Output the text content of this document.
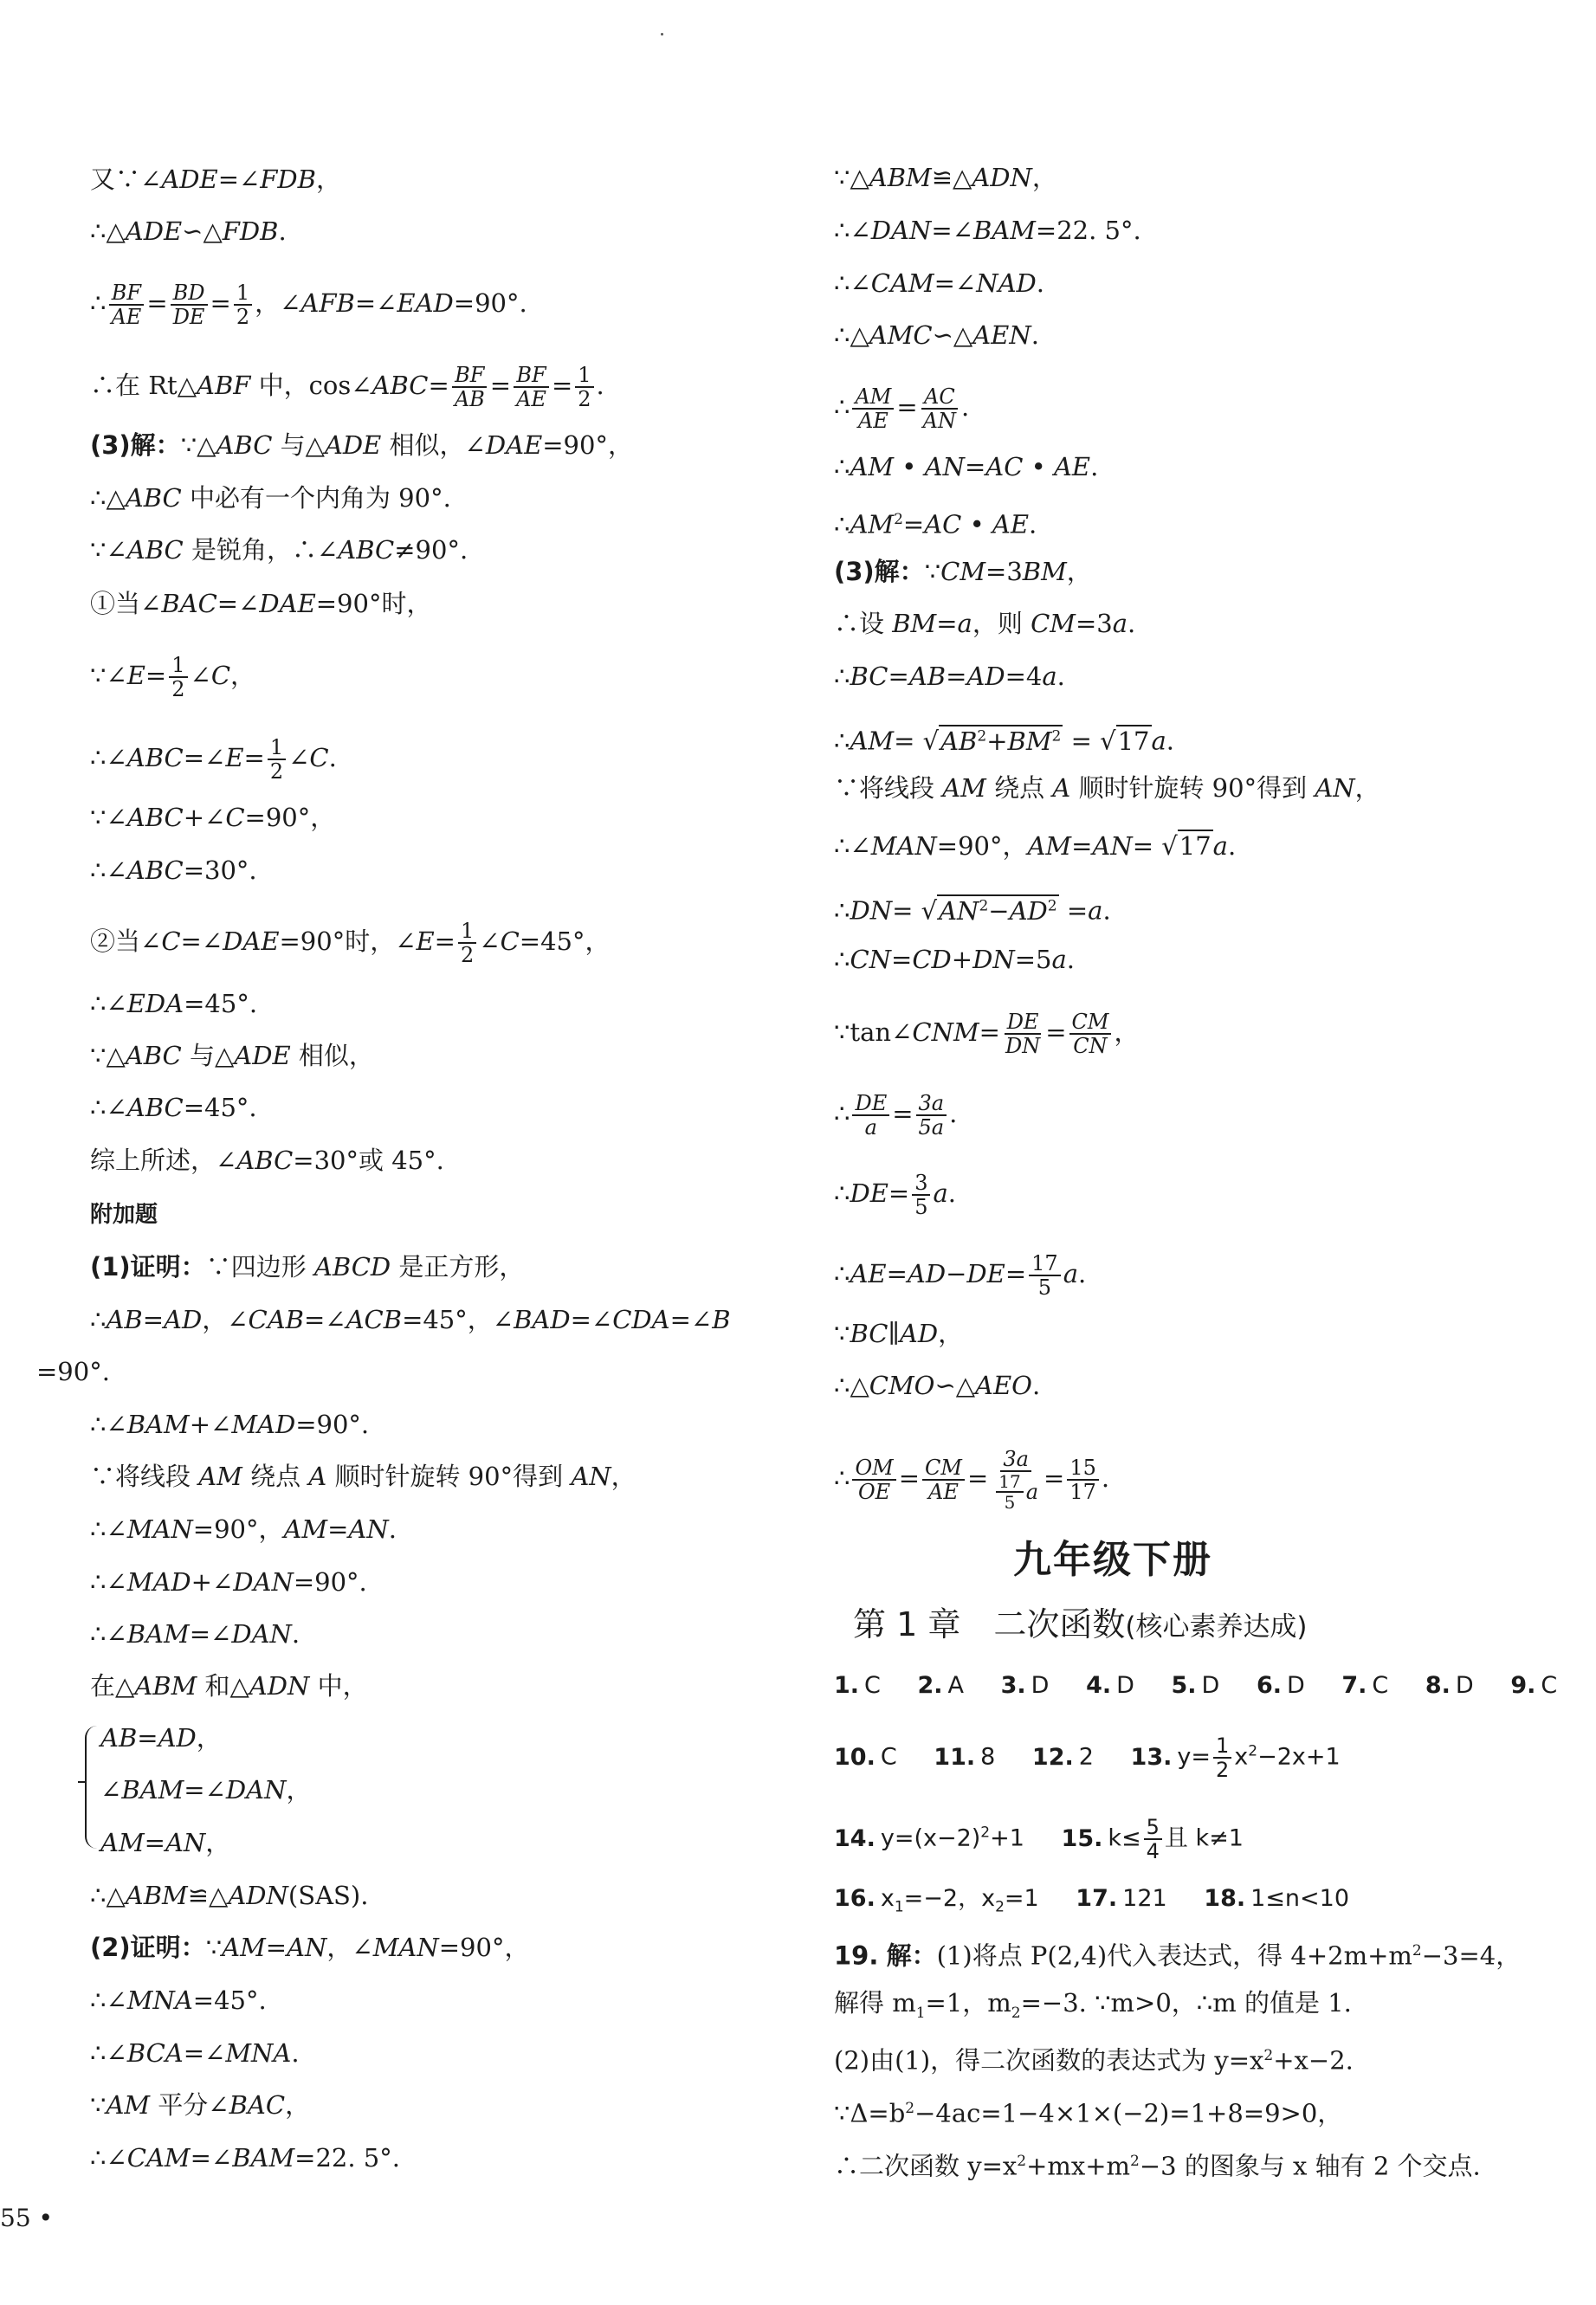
又∵∠ADE=∠FDB，
∴△ADE∽△FDB.
∴ $\frac{BF}{AE} = \frac{BD}{DE} = \frac{1}{2}$ ，∠AFB=∠EAD=90°.
∴在 Rt△ABF 中，cos∠ABC= $\frac{BF}{AB} = \frac{BF}{AE} = \frac{1}{2}$ .
(3)解：∵△ABC 与△ADE 相似，∠DAE=90°，
∴△ABC 中必有一个内角为 90°.
∵∠ABC 是锐角，∴∠ABC≠90°.
①当∠BAC=∠DAE=90°时，
∵∠E= $\frac{1}{2}$ ∠C，
∴∠ABC=∠E= $\frac{1}{2}$ ∠C.
∵∠ABC+∠C=90°，
∴∠ABC=30°.
②当∠C=∠DAE=90°时，∠E= $\frac{1}{2}$ ∠C=45°，
∴∠EDA=45°.
∵△ABC 与△ADE 相似，
∴∠ABC=45°.
综上所述，∠ABC=30°或 45°.
附加题
(1)证明：∵四边形 ABCD 是正方形，
∴AB=AD，∠CAB=∠ACB=45°，∠BAD=∠CDA=∠B
=90°.
∴∠BAM+∠MAD=90°.
∵将线段 AM 绕点 A 顺时针旋转 90°得到 AN，
∴∠MAN=90°，AM=AN.
∴∠MAD+∠DAN=90°.
∴∠BAM=∠DAN.
在△ABM 和△ADN 中，
AB=AD，
∠BAM=∠DAN，
AM=AN，
∴△ABM≌△ADN(SAS).
(2)证明：∵AM=AN，∠MAN=90°，
∴∠MNA=45°.
∴∠BCA=∠MNA.
∵AM 平分∠BAC，
∴∠CAM=∠BAM=22. 5°.
∵△ABM≌△ADN，
∴∠DAN=∠BAM=22. 5°.
∴∠CAM=∠NAD.
∴△AMC∽△AEN.
∴ $\frac{AM}{AE} = \frac{AC}{AN}$ .
∴AM • AN=AC • AE.
$\therefore AM^2=AC$ • AE.
(3)解：∵CM=3BM，
∴设 BM=a，则 CM=3a.
∴BC=AB=AD=4a.
∴AM= $√AB^2+BM^2 = √17a$.
∵将线段 AM 绕点 A 顺时针旋转 90°得到 AN，
∴∠MAN=90°，AM=AN= √17a.
∴DN= $√AN^2-AD^2 =a$.
∴CN=CD+DN=5a.
∵tan∠CNM= $\frac{DE}{DN} = \frac{CM}{CN}$ ，
∴ $\frac{DE}{a} = \frac{3a}{5a}$ .
∴DE= $\frac{3}{5} a$.
∴AE=AD−DE= $\frac{17}{5} a$.
∵BC∥AD，
∴△CMO∽△AEO.
∴ $\frac{OM}{OE} = \frac{CM}{AE} = \frac{3a}{\frac{17}{5} a} = \frac{15}{17}$ .
九年级下册
第 1 章　二次函数(核心素养达成)
1. C 2. A 3. D 4. D 5. D 6. D 7. C 8. D 9. C
10. C 11. 8 12. 2 13. $y= \frac{1}{2} x^2-2x+1$
14. $y=(x-2)^2+1$ 15. $k\le \frac{5}{4}$ 且 k≠1
16. $x_1=-2$，$x_2=1$ 17. 121 18. 1≤n<10
19. 解：(1)将点 P(2,4)代入表达式，得 $4+2m+m^2-3=4$，
解得 $m_1=1$，$m_2=-3$. ∵m>0，∴m 的值是 1.
(2)由(1)，得二次函数的表达式为 $y=x^2+x-2$.
$\because\Delta=b^2-4ac=1-4\times 1\times(-2)=1+8=9>0$，
∴二次函数 $y=x^2+mx+m^2-3$ 的图象与 x 轴有 2 个交点.
55 •
